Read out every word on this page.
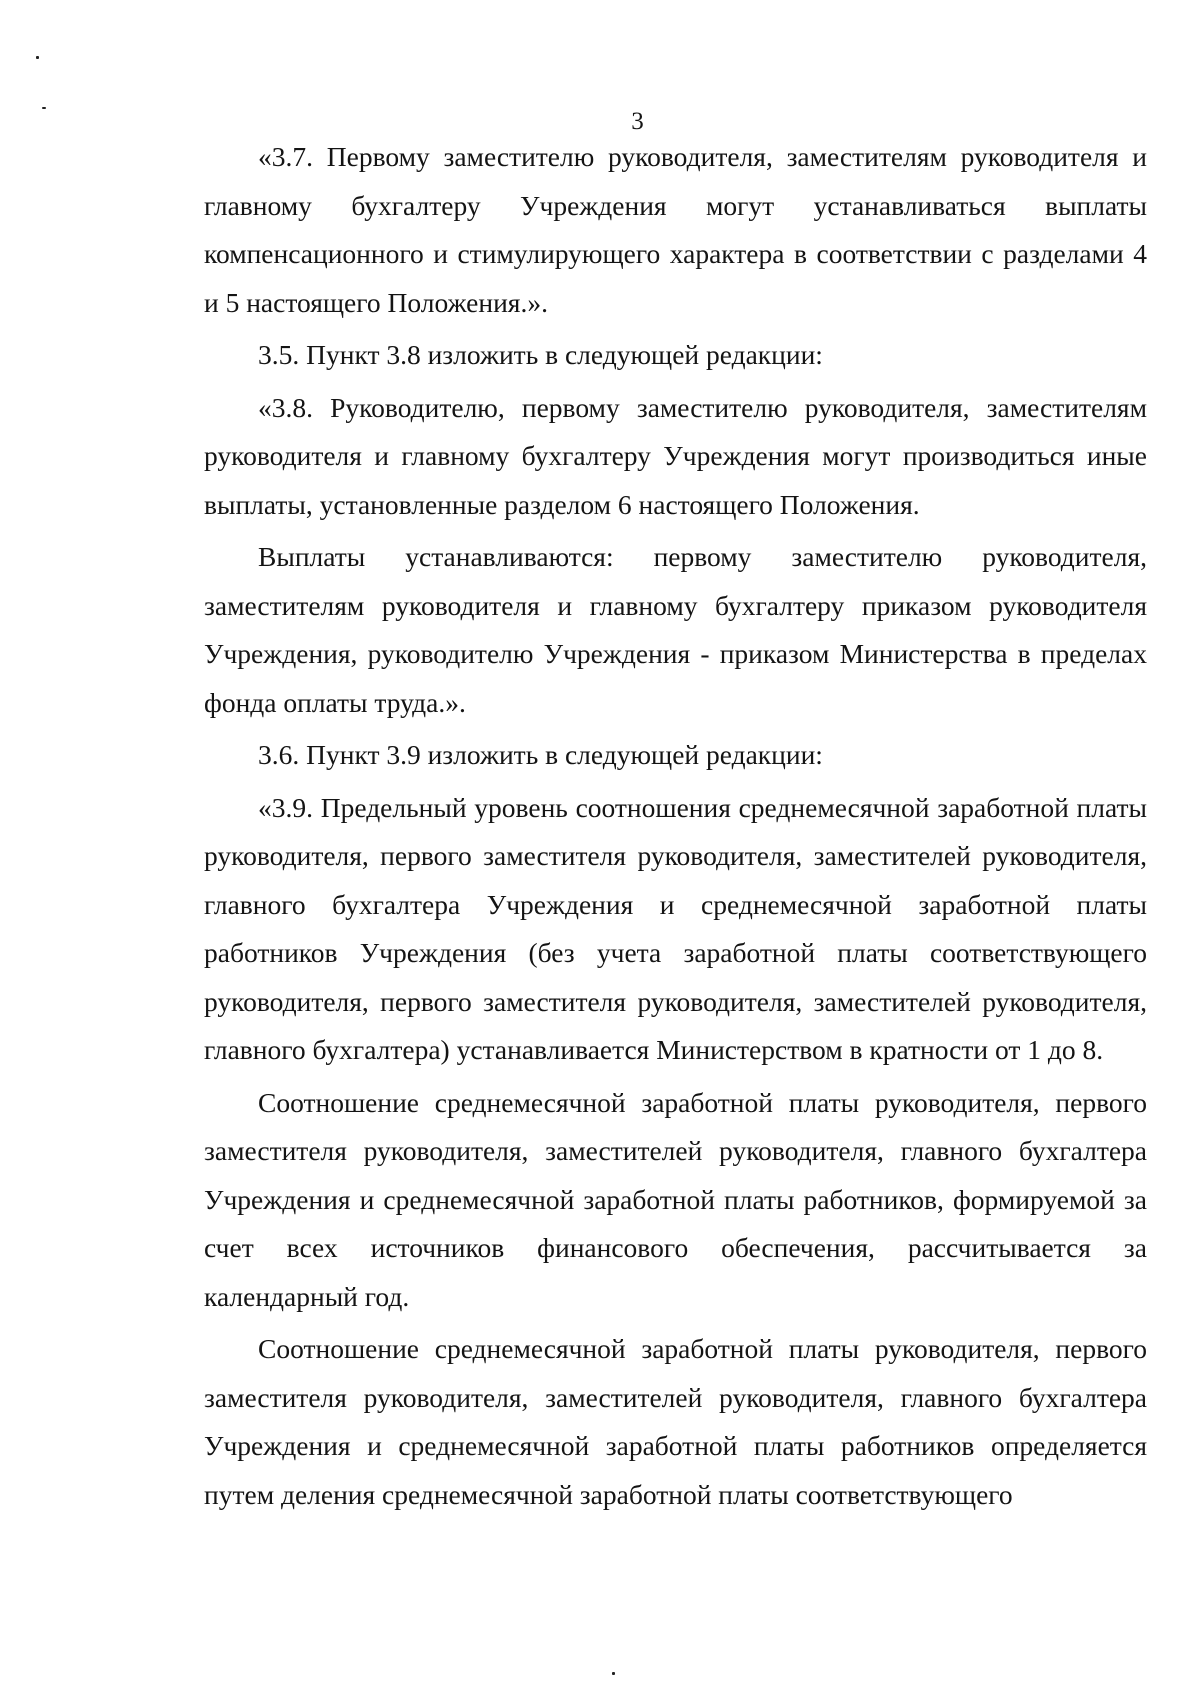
3

«3.7. Первому заместителю руководителя, заместителям руководителя и главному бухгалтеру Учреждения могут устанавливаться выплаты компенсационного и стимулирующего характера в соответствии с разделами 4 и 5 настоящего Положения.».

3.5. Пункт 3.8 изложить в следующей редакции:

«3.8. Руководителю, первому заместителю руководителя, заместителям руководителя и главному бухгалтеру Учреждения могут производиться иные выплаты, установленные разделом 6 настоящего Положения.

Выплаты устанавливаются: первому заместителю руководителя, заместителям руководителя и главному бухгалтеру приказом руководителя Учреждения, руководителю Учреждения - приказом Министерства в пределах фонда оплаты труда.».

3.6. Пункт 3.9 изложить в следующей редакции:

«3.9. Предельный уровень соотношения среднемесячной заработной платы руководителя, первого заместителя руководителя, заместителей руководителя, главного бухгалтера Учреждения и среднемесячной заработной платы работников Учреждения (без учета заработной платы соответствующего руководителя, первого заместителя руководителя, заместителей руководителя, главного бухгалтера) устанавливается Министерством в кратности от 1 до 8.

Соотношение среднемесячной заработной платы руководителя, первого заместителя руководителя, заместителей руководителя, главного бухгалтера Учреждения и среднемесячной заработной платы работников, формируемой за счет всех источников финансового обеспечения, рассчитывается за календарный год.

Соотношение среднемесячной заработной платы руководителя, первого заместителя руководителя, заместителей руководителя, главного бухгалтера Учреждения и среднемесячной заработной платы работников определяется путем деления среднемесячной заработной платы соответствующего
